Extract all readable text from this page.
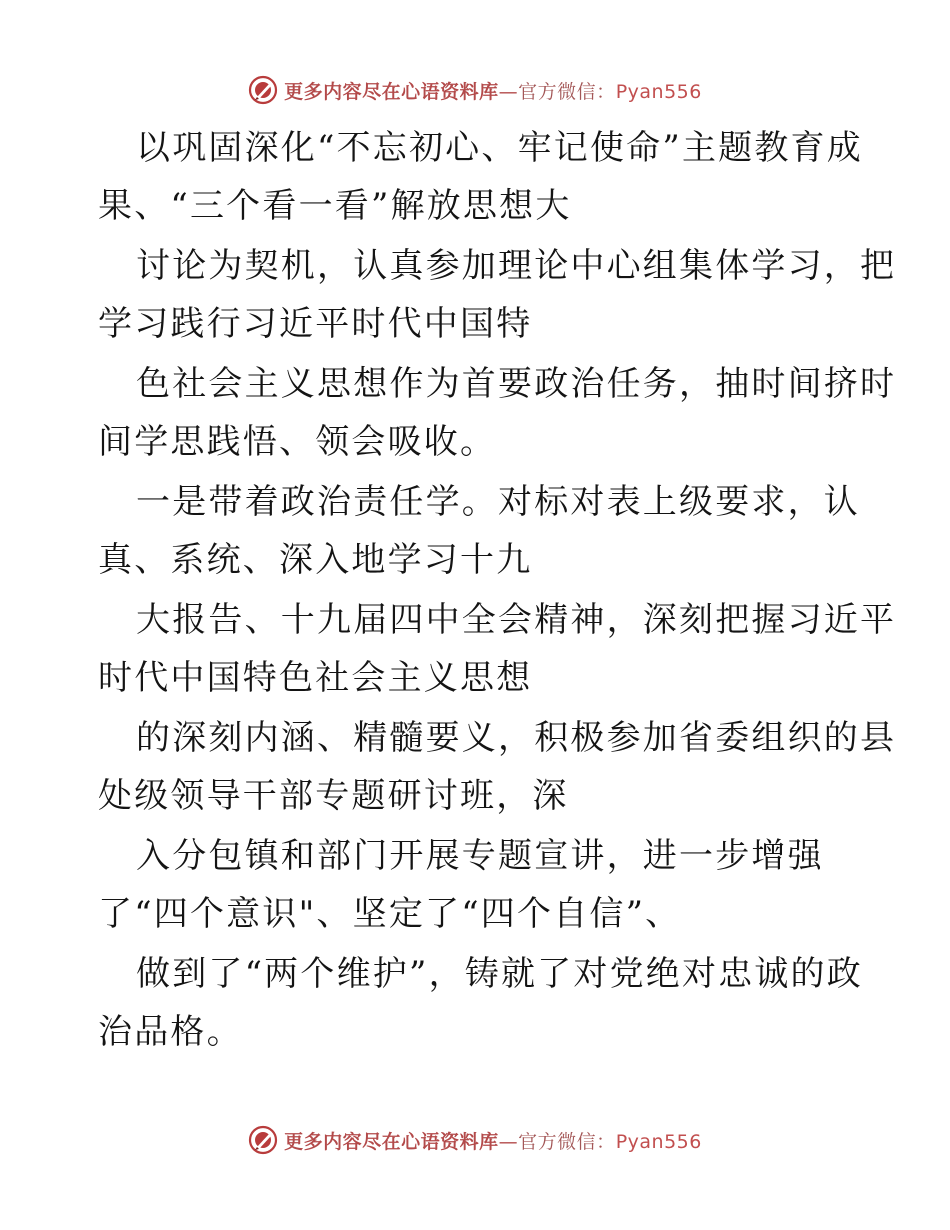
更多内容尽在心语资料库—官方微信：Pyan556
以巩固深化“不忘初心、牢记使命”主题教育成
果、“三个看一看”解放思想大
讨论为契机，认真参加理论中心组集体学习，把
学习践行习近平时代中国特
色社会主义思想作为首要政治任务，抽时间挤时
间学思践悟、领会吸收。
一是带着政治责任学。对标对表上级要求，认
真、系统、深入地学习十九
大报告、十九届四中全会精神，深刻把握习近平
时代中国特色社会主义思想
的深刻内涵、精髓要义，积极参加省委组织的县
处级领导干部专题研讨班，深
入分包镇和部门开展专题宣讲，进一步增强
了“四个意识"、坚定了“四个自信”、
做到了“两个维护”，铸就了对党绝对忠诚的政
治品格。
更多内容尽在心语资料库—官方微信：Pyan556
